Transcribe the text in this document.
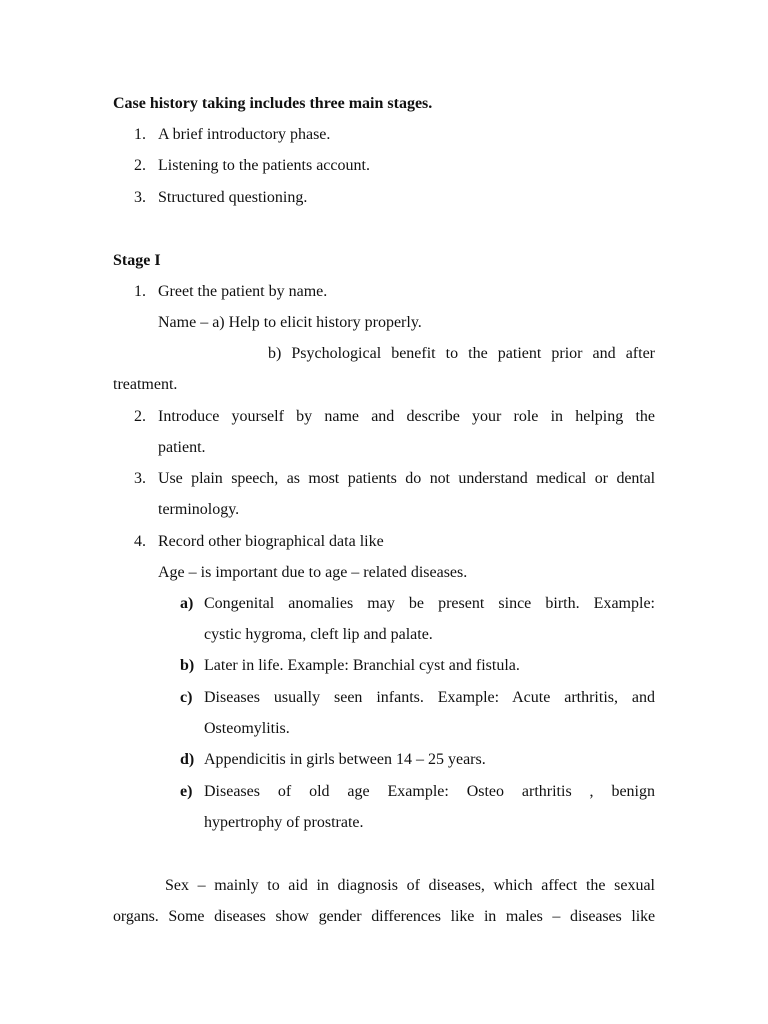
Case history taking includes three main stages.
1. A brief introductory phase.
2. Listening to the patients account.
3. Structured questioning.
Stage I
1. Greet the patient by name.
Name – a) Help to elicit history properly.
b) Psychological benefit to the patient prior and after
treatment.
2. Introduce yourself by name and describe your role in helping the
patient.
3. Use plain speech, as most patients do not understand medical or dental
terminology.
4. Record other biographical data like
Age – is important due to age – related diseases.
a) Congenital anomalies may be present since birth. Example:
cystic hygroma, cleft lip and palate.
b) Later in life. Example: Branchial cyst and fistula.
c) Diseases usually seen infants. Example: Acute arthritis, and
Osteomylitis.
d) Appendicitis in girls between 14 – 25 years.
e) Diseases of old age Example: Osteo arthritis , benign
hypertrophy of prostrate.
Sex – mainly to aid in diagnosis of diseases, which affect the sexual
organs. Some diseases show gender differences like in males – diseases like
